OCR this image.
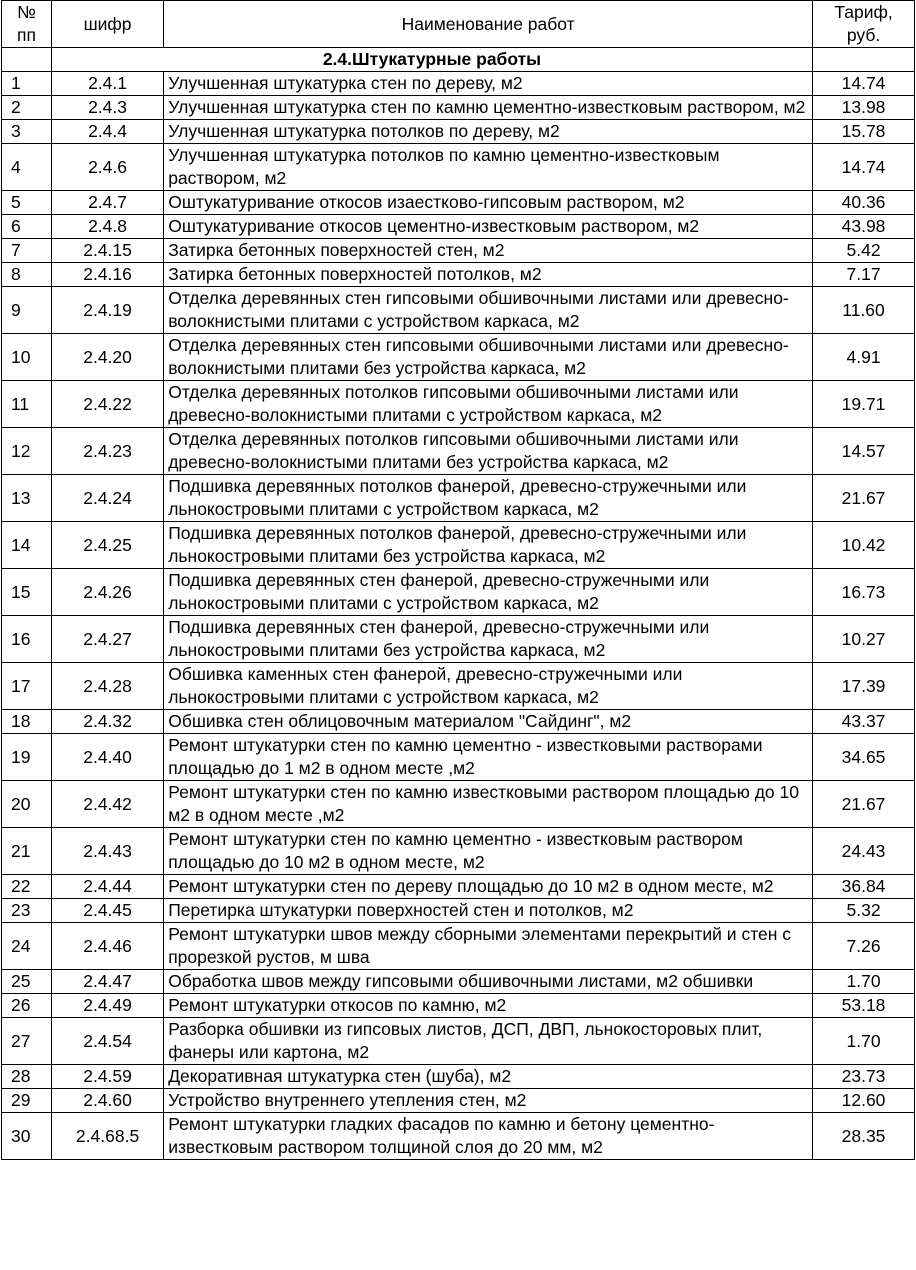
№ пп	шифр	Наименование работ	Тариф, руб.
	2.4.Штукатурные работы		
1	2.4.1	Улучшенная штукатурка стен по дереву, м2	14.74
2	2.4.3	Улучшенная штукатурка стен по камню цементно-известковым раствором, м2	13.98
3	2.4.4	Улучшенная штукатурка потолков по дереву, м2	15.78
4	2.4.6	Улучшенная штукатурка потолков по камню цементно-известковым раствором, м2	14.74
5	2.4.7	Оштукатуривание откосов изаестково-гипсовым раствором, м2	40.36
6	2.4.8	Оштукатуривание откосов цементно-известковым раствором, м2	43.98
7	2.4.15	Затирка бетонных поверхностей стен, м2	5.42
8	2.4.16	Затирка бетонных поверхностей потолков, м2	7.17
9	2.4.19	Отделка деревянных стен гипсовыми обшивочными листами или древесно-волокнистыми плитами с устройством каркаса, м2	11.60
10	2.4.20	Отделка деревянных стен гипсовыми обшивочными листами или древесно-волокнистыми плитами без устройства каркаса, м2	4.91
11	2.4.22	Отделка деревянных потолков гипсовыми обшивочными листами или древесно-волокнистыми плитами с устройством каркаса, м2	19.71
12	2.4.23	Отделка деревянных потолков гипсовыми обшивочными листами или древесно-волокнистыми плитами без устройства каркаса, м2	14.57
13	2.4.24	Подшивка деревянных потолков фанерой, древесно-стружечными или льнокостровыми плитами с устройством каркаса, м2	21.67
14	2.4.25	Подшивка деревянных потолков фанерой, древесно-стружечными или льнокостровыми плитами без устройства каркаса, м2	10.42
15	2.4.26	Подшивка деревянных стен фанерой, древесно-стружечными или льнокостровыми плитами с устройством каркаса, м2	16.73
16	2.4.27	Подшивка деревянных стен фанерой, древесно-стружечными или льнокостровыми плитами без устройства каркаса, м2	10.27
17	2.4.28	Обшивка каменных стен фанерой, древесно-стружечными или льнокостровыми плитами с устройством каркаса, м2	17.39
18	2.4.32	Обшивка стен облицовочным материалом "Сайдинг", м2	43.37
19	2.4.40	Ремонт штукатурки стен по камню цементно - известковыми растворами площадью до 1 м2 в одном месте ,м2	34.65
20	2.4.42	Ремонт штукатурки стен по камню известковыми раствором площадью до 10 м2 в одном месте ,м2	21.67
21	2.4.43	Ремонт штукатурки стен по камню цементно - известковым раствором площадью до 10 м2 в одном месте, м2	24.43
22	2.4.44	Ремонт штукатурки стен по дереву площадью до 10 м2 в одном месте, м2	36.84
23	2.4.45	Перетирка штукатурки поверхностей стен и потолков, м2	5.32
24	2.4.46	Ремонт штукатурки швов между сборными элементами перекрытий и стен с прорезкой рустов, м шва	7.26
25	2.4.47	Обработка швов между гипсовыми обшивочными листами, м2 обшивки	1.70
26	2.4.49	Ремонт штукатурки откосов по камню, м2	53.18
27	2.4.54	Разборка обшивки из гипсовых листов, ДСП, ДВП, льнокосторовых плит, фанеры или картона, м2	1.70
28	2.4.59	Декоративная штукатурка стен (шуба), м2	23.73
29	2.4.60	Устройство внутреннего утепления стен, м2	12.60
30	2.4.68.5	Ремонт штукатурки гладких фасадов по камню и бетону цементно-известковым раствором толщиной слоя до 20 мм, м2	28.35
